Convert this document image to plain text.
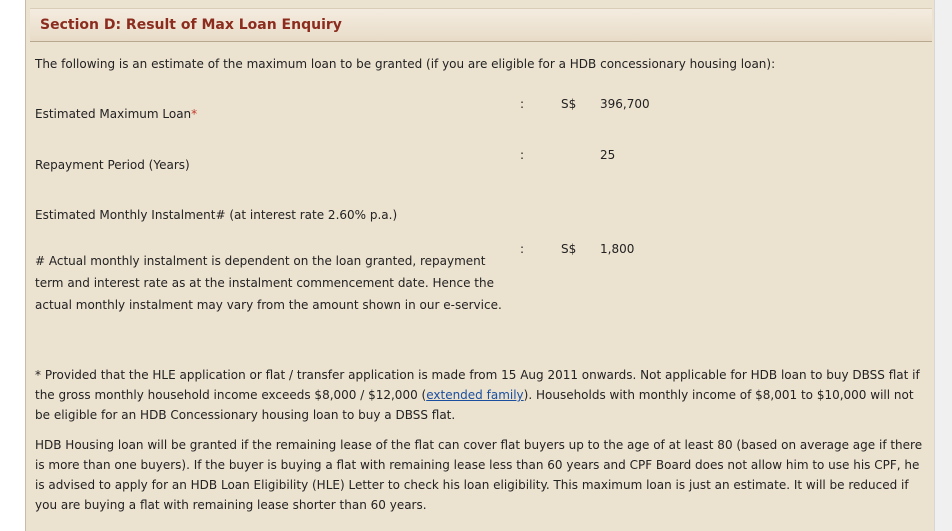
Section D: Result of Max Loan Enquiry
The following is an estimate of the maximum loan to be granted (if you are eligible for a HDB concessionary housing loan):
Estimated Maximum Loan*
:	S$ 396,700
Repayment Period (Years)
:	25
Estimated Monthly Instalment# (at interest rate 2.60% p.a.)
:	S$ 1,800
# Actual monthly instalment is dependent on the loan granted, repayment term and interest rate as at the instalment commencement date. Hence the actual monthly instalment may vary from the amount shown in our e-service.
* Provided that the HLE application or flat / transfer application is made from 15 Aug 2011 onwards. Not applicable for HDB loan to buy DBSS flat if the gross monthly household income exceeds $8,000 / $12,000 (extended family). Households with monthly income of $8,001 to $10,000 will not be eligible for an HDB Concessionary housing loan to buy a DBSS flat.
HDB Housing loan will be granted if the remaining lease of the flat can cover flat buyers up to the age of at least 80 (based on average age if there is more than one buyers). If the buyer is buying a flat with remaining lease less than 60 years and CPF Board does not allow him to use his CPF, he is advised to apply for an HDB Loan Eligibility (HLE) Letter to check his loan eligibility. This maximum loan is just an estimate. It will be reduced if you are buying a flat with remaining lease shorter than 60 years.
